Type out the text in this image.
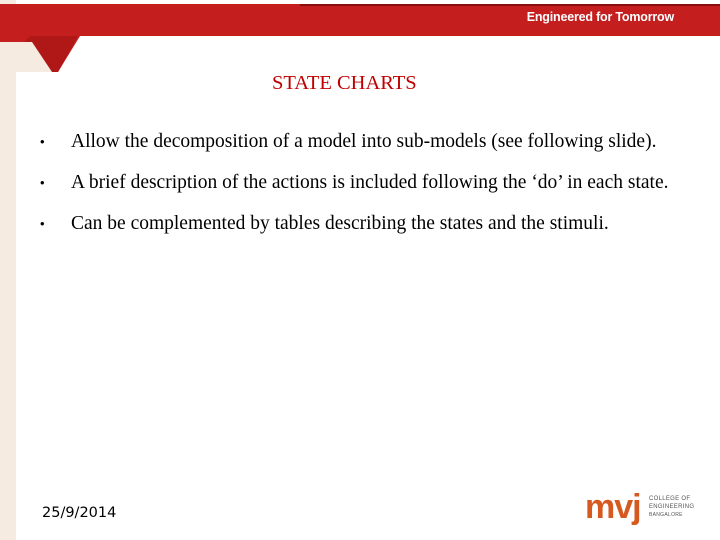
Engineered for Tomorrow
STATE CHARTS
• Allow the decomposition of a model into sub-models (see following slide).
• A brief description of the actions is included following the ‘do’ in each state.
• Can be complemented by tables describing the states and the stimuli.
25/9/2014	mvj COLLEGE OF
ENGINEERING
BANGALORE
